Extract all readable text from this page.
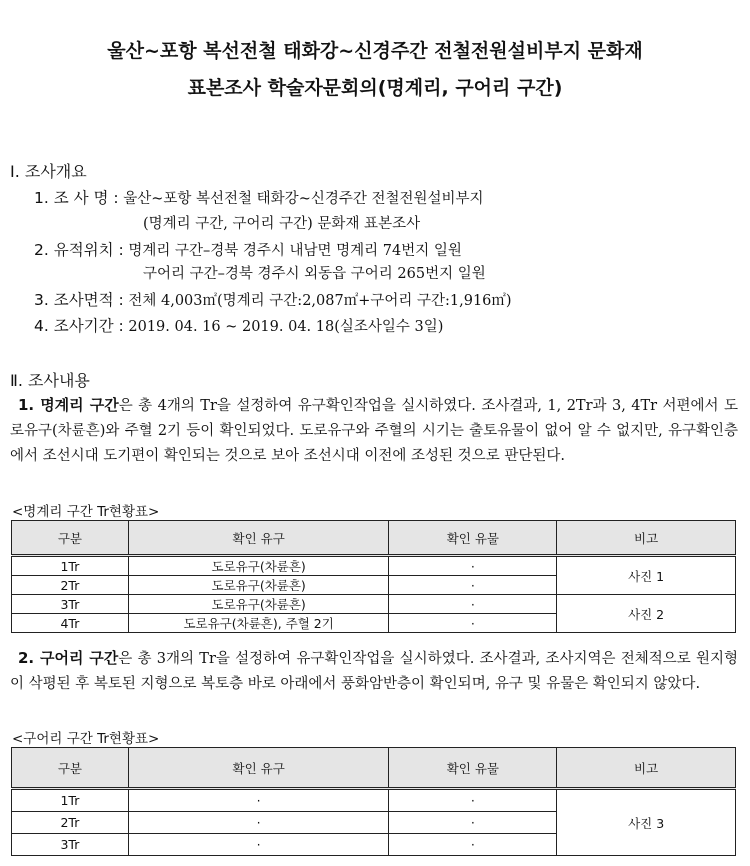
울산~포항 복선전철 태화강~신경주간 전철전원설비부지 문화재
표본조사 학술자문회의(명계리, 구어리 구간)
Ⅰ. 조사개요
1. 조 사 명 : 울산~포항 복선전철 태화강~신경주간 전철전원설비부지
(명계리 구간, 구어리 구간) 문화재 표본조사
2. 유적위치 : 명계리 구간–경북 경주시 내남면 명계리 74번지 일원
구어리 구간–경북 경주시 외동읍 구어리 265번지 일원
3. 조사면적 : 전체 4,003㎡(명계리 구간:2,087㎡+구어리 구간:1,916㎡)
4. 조사기간 : 2019. 04. 16 ~ 2019. 04. 18(실조사일수 3일)
Ⅱ. 조사내용
1. 명계리 구간은 총 4개의 Tr을 설정하여 유구확인작업을 실시하였다. 조사결과, 1, 2Tr과 3, 4Tr 서편에서 도로유구(차륜흔)와 주혈 2기 등이 확인되었다. 도로유구와 주혈의 시기는 출토유물이 없어 알 수 없지만, 유구확인층에서 조선시대 도기편이 확인되는 것으로 보아 조선시대 이전에 조성된 것으로 판단된다.
<명계리 구간 Tr현황표>
구분	확인 유구	확인 유물	비고
1Tr	도로유구(차륜흔)	·	사진 1
2Tr	도로유구(차륜흔)	·	
3Tr	도로유구(차륜흔)	·	사진 2
4Tr	도로유구(차륜흔), 주혈 2기	·	
2. 구어리 구간은 총 3개의 Tr을 설정하여 유구확인작업을 실시하였다. 조사결과, 조사지역은 전체적으로 원지형이 삭평된 후 복토된 지형으로 복토층 바로 아래에서 풍화암반층이 확인되며, 유구 및 유물은 확인되지 않았다.
<구어리 구간 Tr현황표>
구분	확인 유구	확인 유물	비고
1Tr	·	·	사진 3
2Tr	·	·	
3Tr	·	·	
